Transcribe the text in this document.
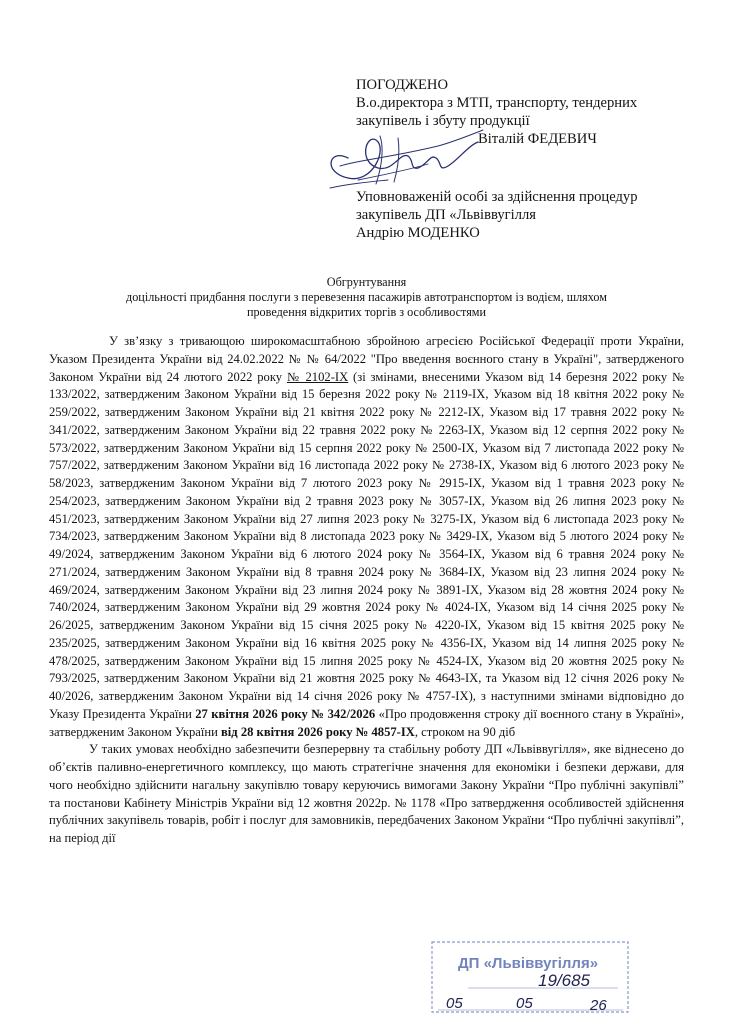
ПОГОДЖЕНО
В.о.директора з МТП, транспорту, тендерних
закупівель і збуту продукції
Віталій ФЕДЕВИЧ
Уповноваженій особі за здійснення процедур
закупівель ДП «Львіввугілля
Андрію МОДЕНКО
Обгрунтування
доцільності придбання послуги з перевезення пасажирів автотранспортом із водієм, шляхом
проведення відкритих торгів з особливостями

У зв’язку з тривающою широкомасштабною збройною агресією Російської Федерації проти України, Указом Президента України від 24.02.2022 № № 64/2022 "Про введення воєнного стану в Україні", затвердженого Законом України від 24 лютого 2022 року № 2102-IX (зі змінами, внесеними Указом від 14 березня 2022 року № 133/2022, затвердженим Законом України від 15 березня 2022 року № 2119-IX, Указом від 18 квітня 2022 року № 259/2022, затвердженим Законом України від 21 квітня 2022 року № 2212-IX, Указом від 17 травня 2022 року № 341/2022, затвердженим Законом України від 22 травня 2022 року № 2263-IX, Указом від 12 серпня 2022 року № 573/2022, затвердженим Законом України від 15 серпня 2022 року № 2500-IX, Указом від 7 листопада 2022 року № 757/2022, затвердженим Законом України від 16 листопада 2022 року № 2738-IX, Указом від 6 лютого 2023 року № 58/2023, затвердженим Законом України від 7 лютого 2023 року № 2915-IX, Указом від 1 травня 2023 року № 254/2023, затвердженим Законом України від 2 травня 2023 року № 3057-IX, Указом від 26 липня 2023 року № 451/2023, затвердженим Законом України від 27 липня 2023 року № 3275-IX, Указом від 6 листопада 2023 року № 734/2023, затвердженим Законом України від 8 листопада 2023 року № 3429-IX, Указом від 5 лютого 2024 року № 49/2024, затвердженим Законом України від 6 лютого 2024 року № 3564-IX, Указом від 6 травня 2024 року № 271/2024, затвердженим Законом України від 8 травня 2024 року № 3684-IX, Указом від 23 липня 2024 року № 469/2024, затвердженим Законом України від 23 липня 2024 року № 3891-IX, Указом від 28 жовтня 2024 року № 740/2024, затвердженим Законом України від 29 жовтня 2024 року № 4024-IX, Указом від 14 січня 2025 року № 26/2025, затвердженим Законом України від 15 січня 2025 року № 4220-IX, Указом від 15 квітня 2025 року № 235/2025, затвердженим Законом України від 16 квітня 2025 року № 4356-IX, Указом від 14 липня 2025 року № 478/2025, затвердженим Законом України від 15 липня 2025 року № 4524-IX, Указом від 20 жовтня 2025 року № 793/2025, затвердженим Законом України від 21 жовтня 2025 року № 4643-IX, та Указом від 12 січня 2026 року № 40/2026, затвердженим Законом України від 14 січня 2026 року № 4757-IX), з наступними змінами відповідно до Указу Президента України 27 квітня 2026 року № 342/2026 «Про продовження строку дії воєнного стану в Україні», затвердженим Законом України від 28 квітня 2026 року № 4857-IX, строком на 90 діб

У таких умовах необхідно забезпечити безперервну та стабільну роботу ДП «Львіввугілля», яке віднесено до об’єктів паливно-енергетичного комплексу, що мають стратегічне значення для економіки і безпеки держави, для чого необхідно здійснити нагальну закупівлю товару керуючись вимогами Закону України “Про публічні закупівлі” та постанови Кабінету Міністрів України від 12 жовтня 2022р. № 1178 «Про затвердження особливостей здійснення публічних закупівель товарів, робіт і послуг для замовників, передбачених Законом України “Про публічні закупівлі”, на період дії

ДП «Львіввугілля»
19/685
05	05	26
